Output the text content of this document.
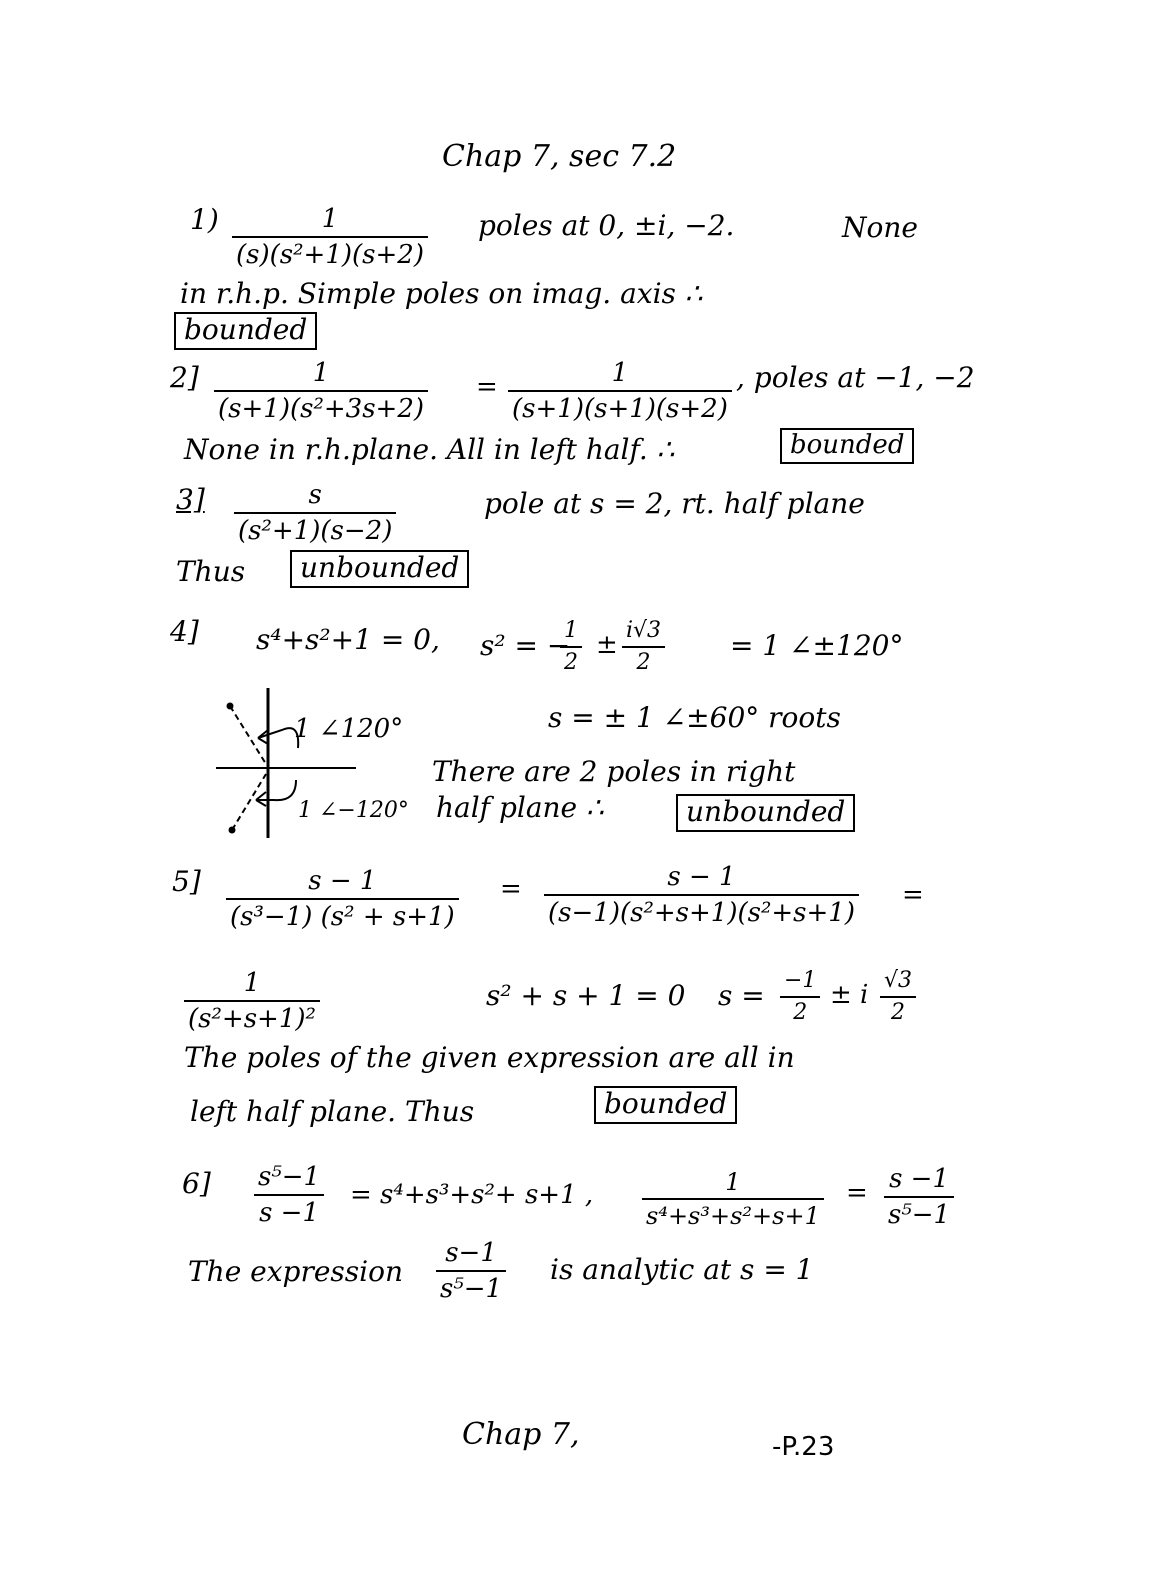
Chap 7, sec 7.2
1)	1
(s)(s²+1)(s+2)
poles at 0, ±i, −2.	None
in r.h.p. Simple poles on imag. axis ∴
bounded
2]	1
(s+1)(s²+3s+2)
=	1
(s+1)(s+1)(s+2)
, poles at −1, −2
None in r.h.plane. All in left half. ∴	bounded
3]	s
(s²+1)(s−2)
pole at s = 2, rt. half plane
Thus	unbounded
4] s⁴+s²+1 = 0, s² = −
1
2
± i√3
2
= 1 ∠±120°
1 ∠120°
1 ∠−120°
s = ± 1 ∠±60° roots
There are 2 poles in right
half plane ∴	unbounded
5]	s − 1
(s³−1) (s² + s+1)
=	s − 1
(s−1)(s²+s+1)(s²+s+1)
=
1
(s²+s+1)²
s² + s + 1 = 0 s = −1
2
± i √3
2
The poles of the given expression are all in
left half plane. Thus	bounded
6] s⁵−1
s −1
= s⁴+s³+s²+ s+1 ,	1
s⁴+s³+s²+s+1
= s −1
s⁵−1
The expression
s−1
s⁵−1
is analytic at s = 1
Chap 7,	-P.23
